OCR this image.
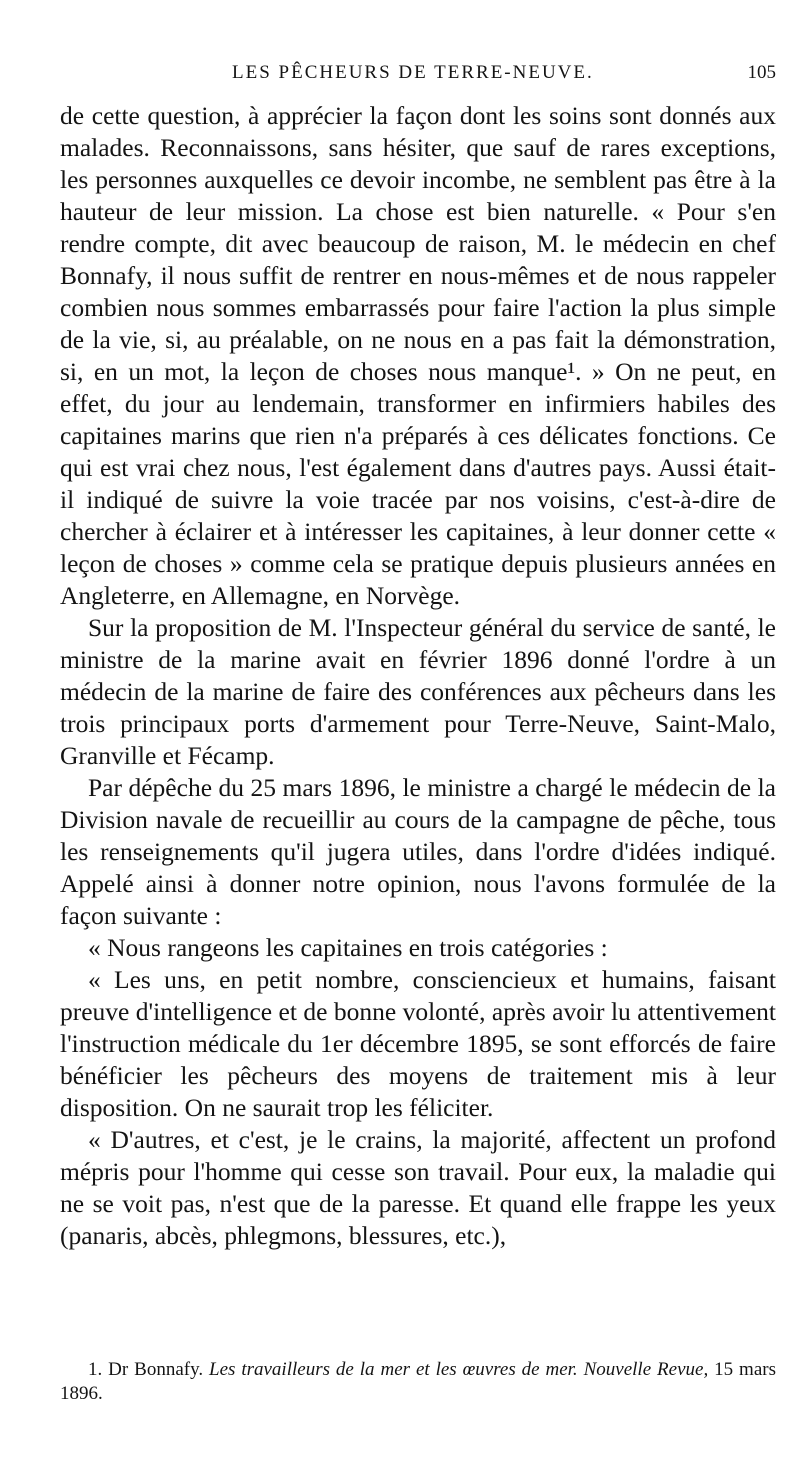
LES PÊCHEURS DE TERRE-NEUVE.	105

de cette question, à apprécier la façon dont les soins sont donnés aux malades. Reconnaissons, sans hésiter, que sauf de rares exceptions, les personnes auxquelles ce devoir incombe, ne semblent pas être à la hauteur de leur mission. La chose est bien naturelle. « Pour s'en rendre compte, dit avec beaucoup de raison, M. le médecin en chef Bonnafy, il nous suffit de rentrer en nous-mêmes et de nous rappeler combien nous sommes embarrassés pour faire l'action la plus simple de la vie, si, au préalable, on ne nous en a pas fait la démonstration, si, en un mot, la leçon de choses nous manque¹. » On ne peut, en effet, du jour au lendemain, transformer en infirmiers habiles des capitaines marins que rien n'a préparés à ces délicates fonctions. Ce qui est vrai chez nous, l'est également dans d'autres pays. Aussi était-il indiqué de suivre la voie tracée par nos voisins, c'est-à-dire de chercher à éclairer et à intéresser les capitaines, à leur donner cette « leçon de choses » comme cela se pratique depuis plusieurs années en Angleterre, en Allemagne, en Norvège.

Sur la proposition de M. l'Inspecteur général du service de santé, le ministre de la marine avait en février 1896 donné l'ordre à un médecin de la marine de faire des conférences aux pêcheurs dans les trois principaux ports d'armement pour Terre-Neuve, Saint-Malo, Granville et Fécamp.

Par dépêche du 25 mars 1896, le ministre a chargé le médecin de la Division navale de recueillir au cours de la campagne de pêche, tous les renseignements qu'il jugera utiles, dans l'ordre d'idées indiqué. Appelé ainsi à donner notre opinion, nous l'avons formulée de la façon suivante :

« Nous rangeons les capitaines en trois catégories :

« Les uns, en petit nombre, consciencieux et humains, faisant preuve d'intelligence et de bonne volonté, après avoir lu attentivement l'instruction médicale du 1er décembre 1895, se sont efforcés de faire bénéficier les pêcheurs des moyens de traitement mis à leur disposition. On ne saurait trop les féliciter.

« D'autres, et c'est, je le crains, la majorité, affectent un profond mépris pour l'homme qui cesse son travail. Pour eux, la maladie qui ne se voit pas, n'est que de la paresse. Et quand elle frappe les yeux (panaris, abcès, phlegmons, blessures, etc.),

1. Dr Bonnafy. Les travailleurs de la mer et les œuvres de mer. Nouvelle Revue, 15 mars 1896.
